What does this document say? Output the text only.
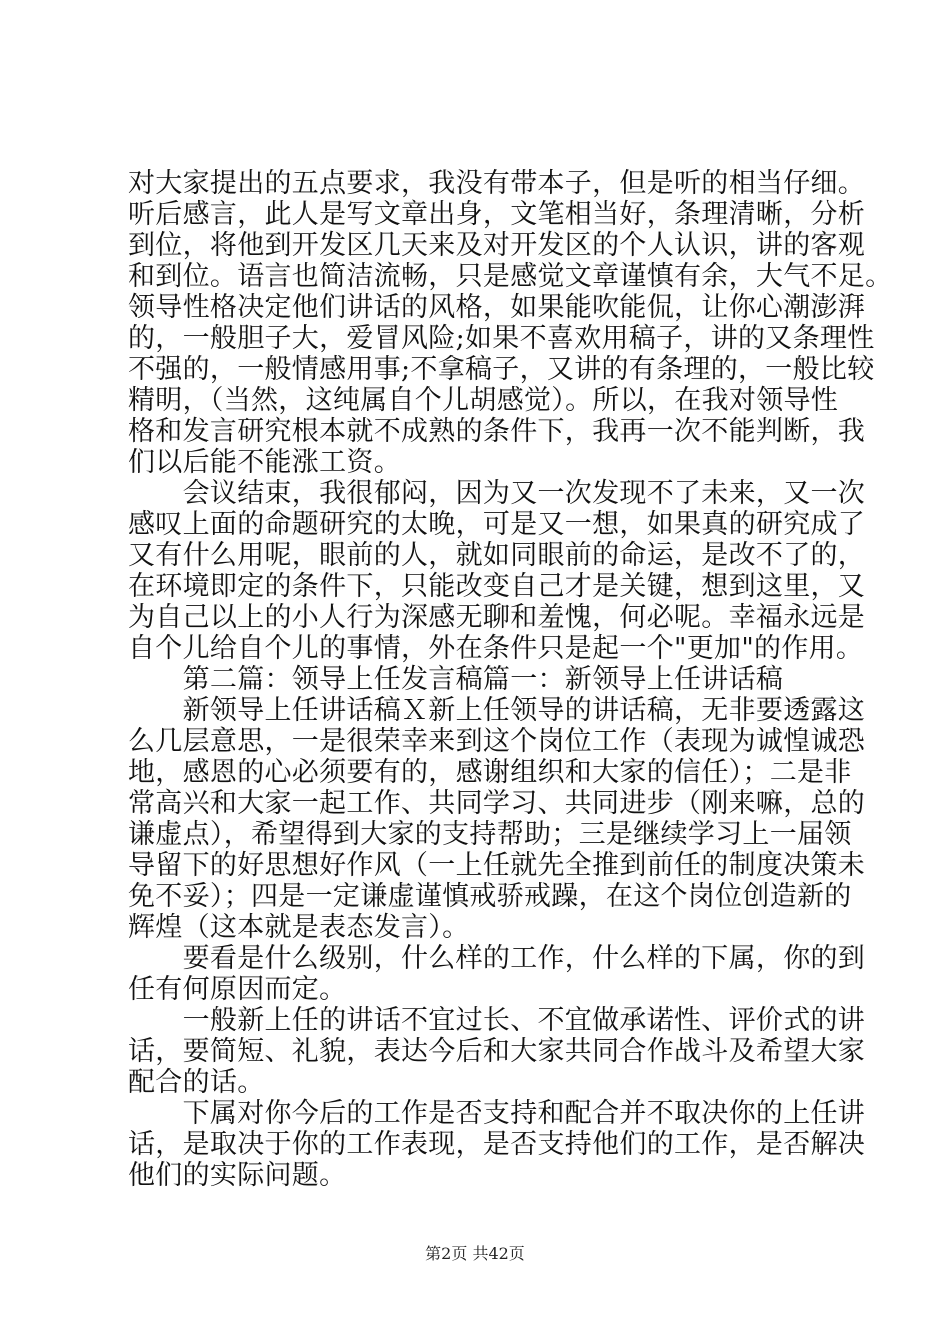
对大家提出的五点要求，我没有带本子，但是听的相当仔细。
听后感言，此人是写文章出身，文笔相当好，条理清晰，分析
到位，将他到开发区几天来及对开发区的个人认识，讲的客观
和到位。语言也简洁流畅，只是感觉文章谨慎有余，大气不足。
领导性格决定他们讲话的风格，如果能吹能侃，让你心潮澎湃
的，一般胆子大，爱冒风险;如果不喜欢用稿子，讲的又条理性
不强的，一般情感用事;不拿稿子，又讲的有条理的，一般比较
精明，（当然，这纯属自个儿胡感觉）。所以，在我对领导性
格和发言研究根本就不成熟的条件下，我再一次不能判断，我
们以后能不能涨工资。
　　会议结束，我很郁闷，因为又一次发现不了未来，又一次
感叹上面的命题研究的太晚，可是又一想，如果真的研究成了
又有什么用呢，眼前的人，就如同眼前的命运，是改不了的，
在环境即定的条件下，只能改变自己才是关键，想到这里，又
为自己以上的小人行为深感无聊和羞愧，何必呢。幸福永远是
自个儿给自个儿的事情，外在条件只是起一个"更加"的作用。
　　第二篇：领导上任发言稿篇一：新领导上任讲话稿
　　新领导上任讲话稿Ｘ新上任领导的讲话稿，无非要透露这
么几层意思，一是很荣幸来到这个岗位工作（表现为诚惶诚恐
地，感恩的心必须要有的，感谢组织和大家的信任）；二是非
常高兴和大家一起工作、共同学习、共同进步（刚来嘛，总的
谦虚点），希望得到大家的支持帮助；三是继续学习上一届领
导留下的好思想好作风（一上任就先全推到前任的制度决策未
免不妥）；四是一定谦虚谨慎戒骄戒躁，在这个岗位创造新的
辉煌（这本就是表态发言）。
　　要看是什么级别，什么样的工作，什么样的下属，你的到
任有何原因而定。
　　一般新上任的讲话不宜过长、不宜做承诺性、评价式的讲
话，要简短、礼貌，表达今后和大家共同合作战斗及希望大家
配合的话。
　　下属对你今后的工作是否支持和配合并不取决你的上任讲
话，是取决于你的工作表现，是否支持他们的工作，是否解决
他们的实际问题。
第2页 共42页
